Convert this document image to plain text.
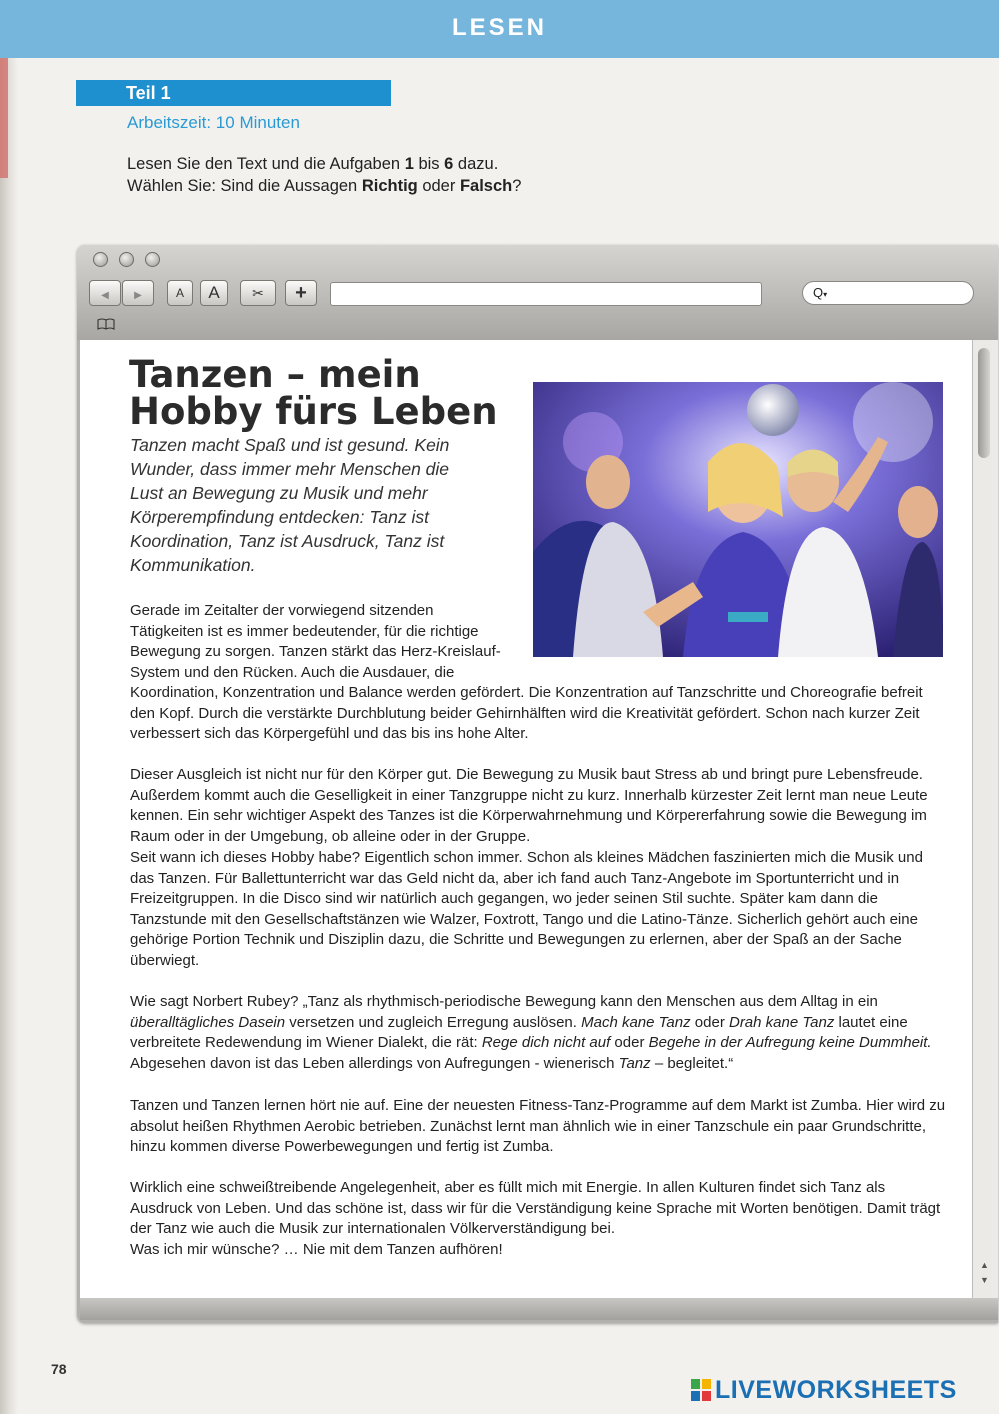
LESEN
Teil 1
Arbeitszeit: 10 Minuten
Lesen Sie den Text und die Aufgaben 1 bis 6 dazu.
Wählen Sie: Sind die Aussagen Richtig oder Falsch?
◀	▶	A	A	✂	+	Q▾
Tanzen – mein Hobby fürs Leben
Tanzen macht Spaß und ist gesund. Kein Wunder, dass immer mehr Menschen die Lust an Bewegung zu Musik und mehr Körperempfindung entdecken: Tanz ist Koordination, Tanz ist Ausdruck, Tanz ist Kommunikation.
Gerade im Zeitalter der vorwiegend sitzenden Tätigkeiten ist es immer bedeutender, für die richtige Bewegung zu sorgen. Tanzen stärkt das Herz-Kreislauf-System und den Rücken. Auch die Ausdauer, die
Koordination, Konzentration und Balance werden gefördert. Die Konzentration auf Tanzschritte und Choreografie befreit den Kopf. Durch die verstärkte Durchblutung beider Gehirnhälften wird die Kreativität gefördert. Schon nach kurzer Zeit verbessert sich das Körpergefühl und das bis ins hohe Alter.
Dieser Ausgleich ist nicht nur für den Körper gut. Die Bewegung zu Musik baut Stress ab und bringt pure Lebensfreude. Außerdem kommt auch die Geselligkeit in einer Tanzgruppe nicht zu kurz. Innerhalb kürzester Zeit lernt man neue Leute kennen. Ein sehr wichtiger Aspekt des Tanzes ist die Körperwahrnehmung und Körpererfahrung sowie die Bewegung im Raum oder in der Umgebung, ob alleine oder in der Gruppe.
Seit wann ich dieses Hobby habe? Eigentlich schon immer. Schon als kleines Mädchen faszinierten mich die Musik und das Tanzen. Für Ballettunterricht war das Geld nicht da, aber ich fand auch Tanz-Angebote im Sportunterricht und in Freizeitgruppen. In die Disco sind wir natürlich auch gegangen, wo jeder seinen Stil suchte. Später kam dann die Tanzstunde mit den Gesellschaftstänzen wie Walzer, Foxtrott, Tango und die Latino-Tänze. Sicherlich gehört auch eine gehörige Portion Technik und Disziplin dazu, die Schritte und Bewegungen zu erlernen, aber der Spaß an der Sache überwiegt.
Wie sagt Norbert Rubey? „Tanz als rhythmisch-periodische Bewegung kann den Menschen aus dem Alltag in ein überalltägliches Dasein versetzen und zugleich Erregung auslösen. Mach kane Tanz oder Drah kane Tanz lautet eine verbreitete Redewendung im Wiener Dialekt, die rät: Rege dich nicht auf oder Begehe in der Aufregung keine Dummheit. Abgesehen davon ist das Leben allerdings von Aufregungen - wienerisch Tanz – begleitet.“
Tanzen und Tanzen lernen hört nie auf. Eine der neuesten Fitness-Tanz-Programme auf dem Markt ist Zumba. Hier wird zu absolut heißen Rhythmen Aerobic betrieben. Zunächst lernt man ähnlich wie in einer Tanzschule ein paar Grundschritte, hinzu kommen diverse Powerbewegungen und fertig ist Zumba.
Wirklich eine schweißtreibende Angelegenheit, aber es füllt mich mit Energie. In allen Kulturen findet sich Tanz als Ausdruck von Leben. Und das schöne ist, dass wir für die Verständigung keine Sprache mit Worten benötigen. Damit trägt der Tanz wie auch die Musik zur internationalen Völkerverständigung bei.
Was ich mir wünsche? … Nie mit dem Tanzen aufhören!
▲
▼
78
LIVEWORKSHEETS
